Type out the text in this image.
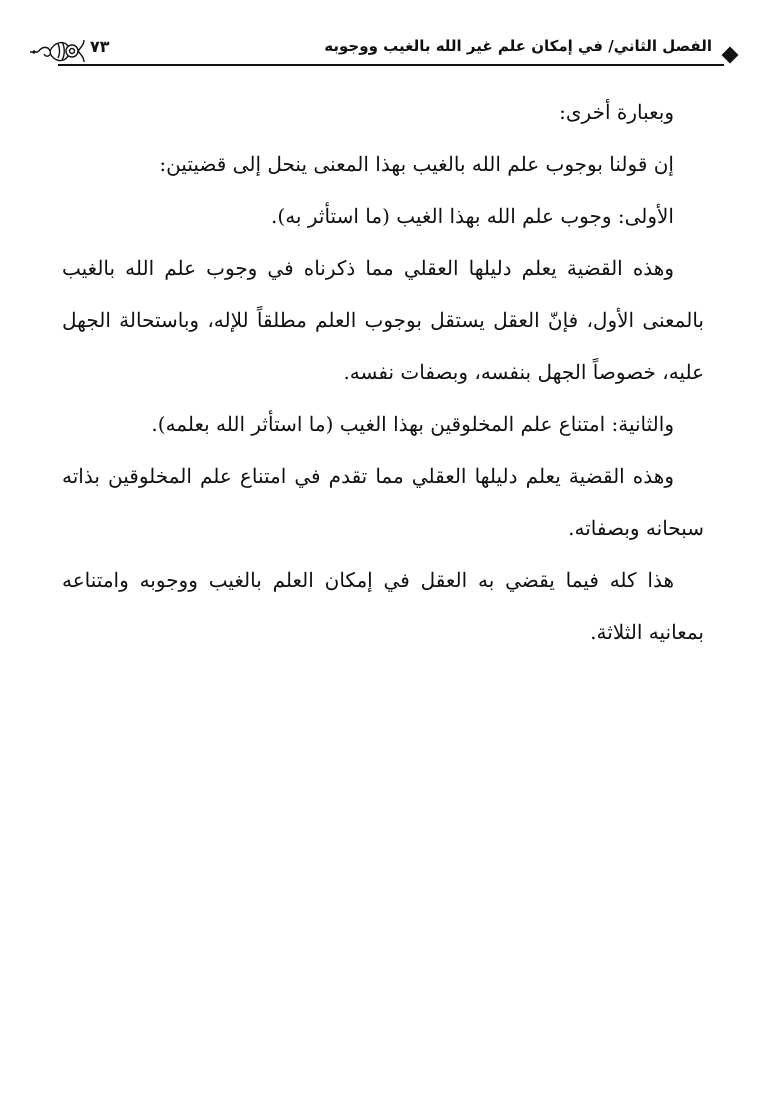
الفصل الثاني/ في إمكان علم غير الله بالغيب ووجوبه
٧٣

وبعبارة أخرى:

إن قولنا بوجوب علم الله بالغيب بهذا المعنى ينحل إلى قضيتين:

الأولى: وجوب علم الله بهذا الغيب (ما استأثر به).

وهذه القضية يعلم دليلها العقلي مما ذكرناه في وجوب علم الله بالغيب بالمعنى الأول، فإنّ العقل يستقل بوجوب العلم مطلقاً للإله، وباستحالة الجهل عليه، خصوصاً الجهل بنفسه، وبصفات نفسه.

والثانية: امتناع علم المخلوقين بهذا الغيب (ما استأثر الله بعلمه).

وهذه القضية يعلم دليلها العقلي مما تقدم في امتناع علم المخلوقين بذاته سبحانه وبصفاته.

هذا كله فيما يقضي به العقل في إمكان العلم بالغيب ووجوبه وامتناعه بمعانيه الثلاثة.
